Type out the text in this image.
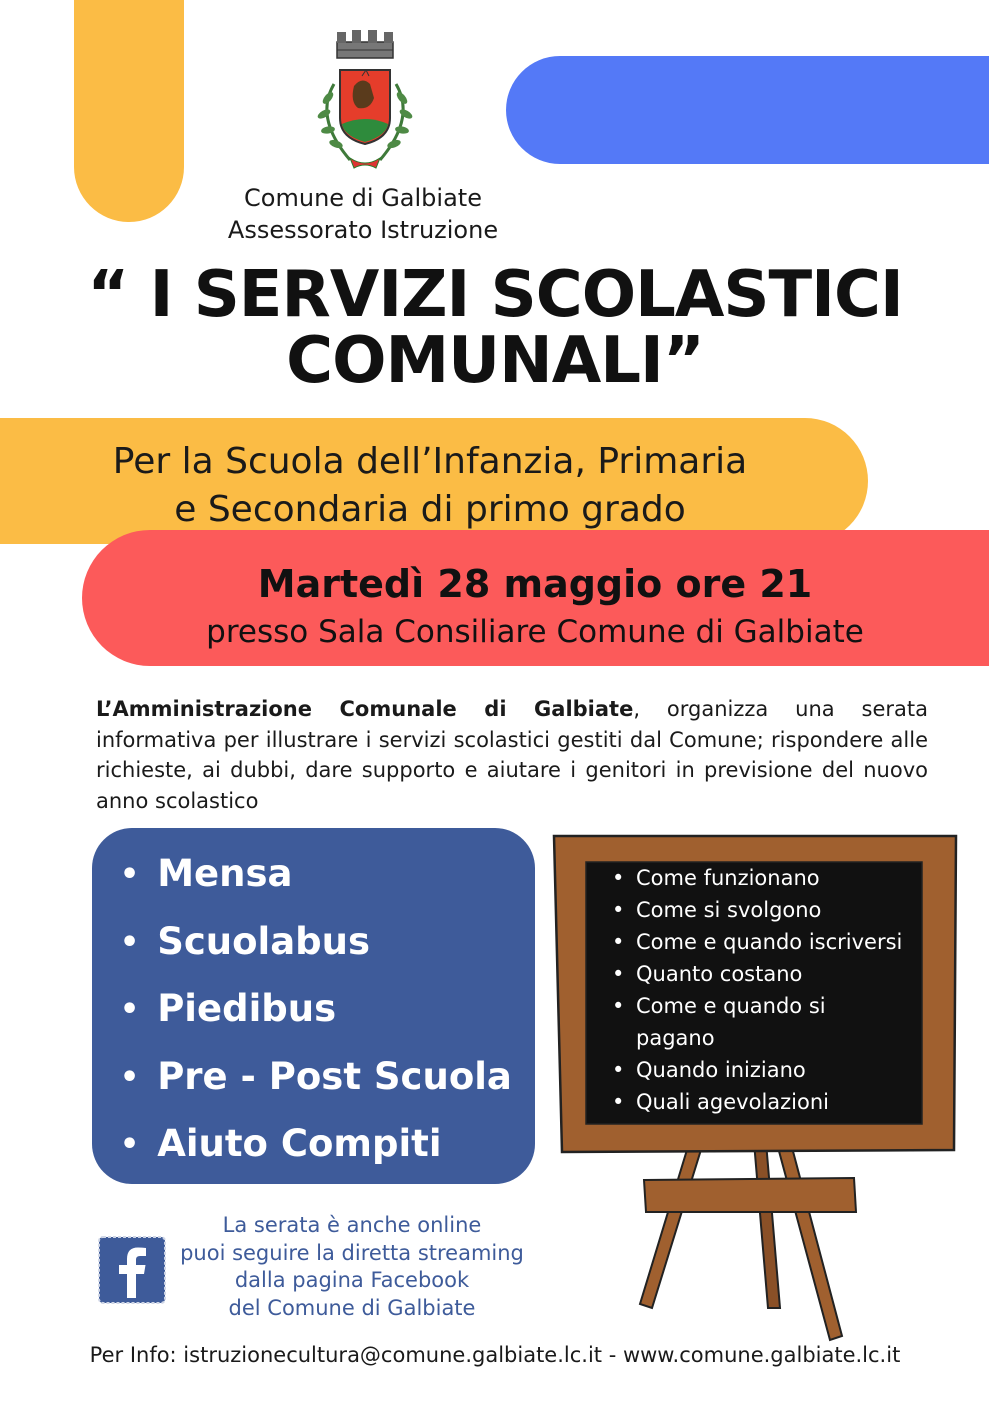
Comune di Galbiate
Assessorato Istruzione
“ I SERVIZI SCOLASTICI
COMUNALI”
Per la Scuola dell’Infanzia, Primaria
e Secondaria di primo grado
Martedì 28 maggio ore 21
presso Sala Consiliare Comune di Galbiate

L’Amministrazione Comunale di Galbiate, organizza una serata informativa per illustrare i servizi scolastici gestiti dal Comune; rispondere alle richieste, ai dubbi, dare supporto e aiutare i genitori in previsione del nuovo anno scolastico

• Mensa
• Scuolabus
• Piedibus
• Pre - Post Scuola
• Aiuto Compiti
• Come funzionano
• Come si svolgono
• Come e quando iscriversi
• Quanto costano
• Come e quando si
pagano
• Quando iniziano
• Quali agevolazioni
La serata è anche online
puoi seguire la diretta streaming
dalla pagina Facebook
del Comune di Galbiate
Per Info: istruzionecultura@comune.galbiate.lc.it - www.comune.galbiate.lc.it
